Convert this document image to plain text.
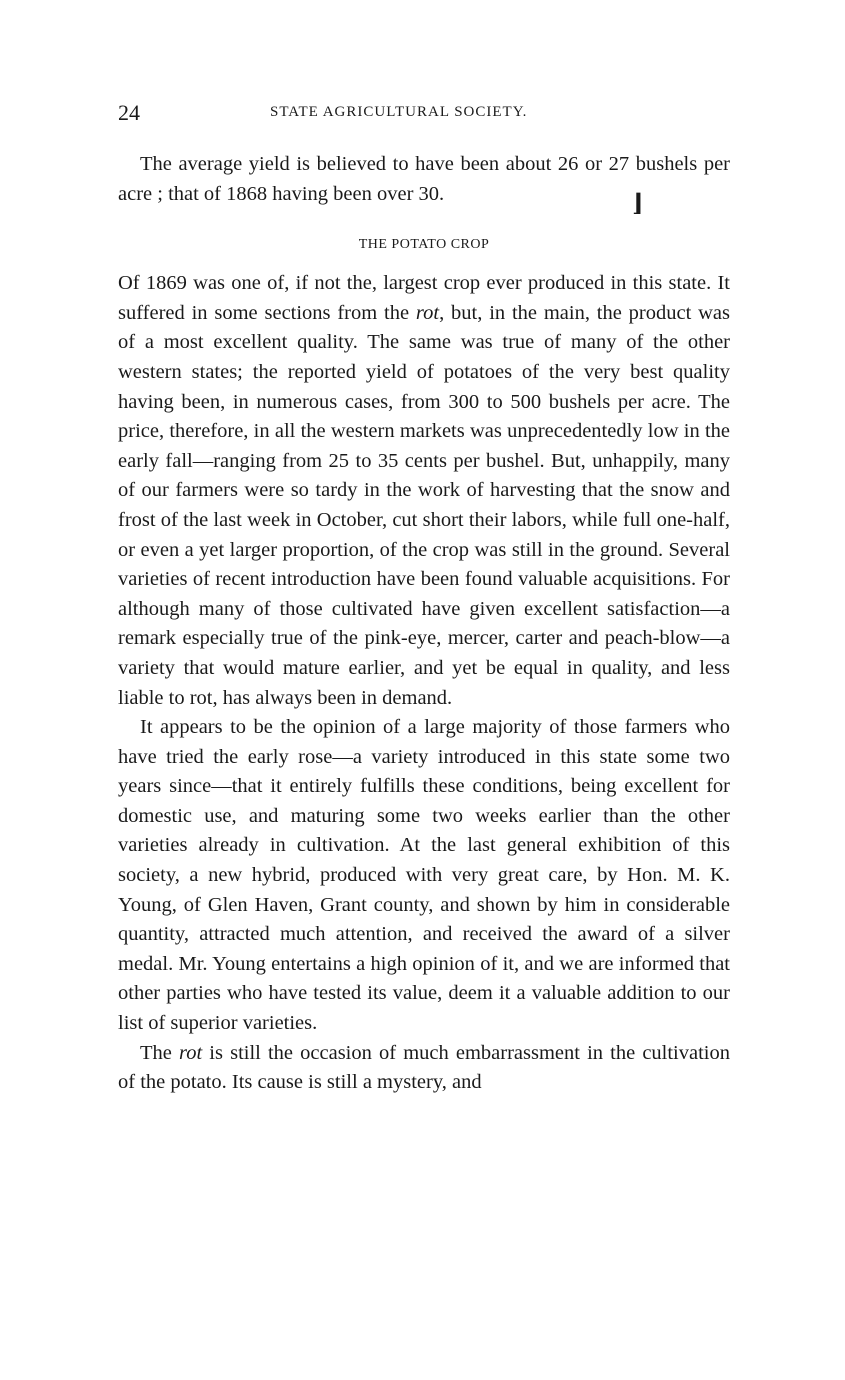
24	STATE AGRICULTURAL SOCIETY.
⌋

The average yield is believed to have been about 26 or 27 bushels per acre ; that of 1868 having been over 30.

THE POTATO CROP

Of 1869 was one of, if not the, largest crop ever produced in this state. It suffered in some sections from the rot, but, in the main, the product was of a most excellent quality. The same was true of many of the other western states; the reported yield of potatoes of the very best quality having been, in numerous cases, from 300 to 500 bushels per acre. The price, therefore, in all the western markets was unprecedentedly low in the early fall—ranging from 25 to 35 cents per bushel. But, unhappily, many of our farmers were so tardy in the work of harvesting that the snow and frost of the last week in October, cut short their labors, while full one-half, or even a yet larger proportion, of the crop was still in the ground. Several varieties of recent introduction have been found valuable acquisitions. For although many of those cultivated have given excellent satisfaction—a remark especially true of the pink-eye, mercer, carter and peach-blow—a variety that would mature earlier, and yet be equal in quality, and less liable to rot, has always been in demand.

It appears to be the opinion of a large majority of those farmers who have tried the early rose—a variety introduced in this state some two years since—that it entirely fulfills these conditions, being excellent for domestic use, and maturing some two weeks earlier than the other varieties already in cultivation. At the last general exhibition of this society, a new hybrid, produced with very great care, by Hon. M. K. Young, of Glen Haven, Grant county, and shown by him in considerable quantity, attracted much attention, and received the award of a silver medal. Mr. Young entertains a high opinion of it, and we are informed that other parties who have tested its value, deem it a valuable addition to our list of superior varieties.

The rot is still the occasion of much embarrassment in the cultivation of the potato. Its cause is still a mystery, and
